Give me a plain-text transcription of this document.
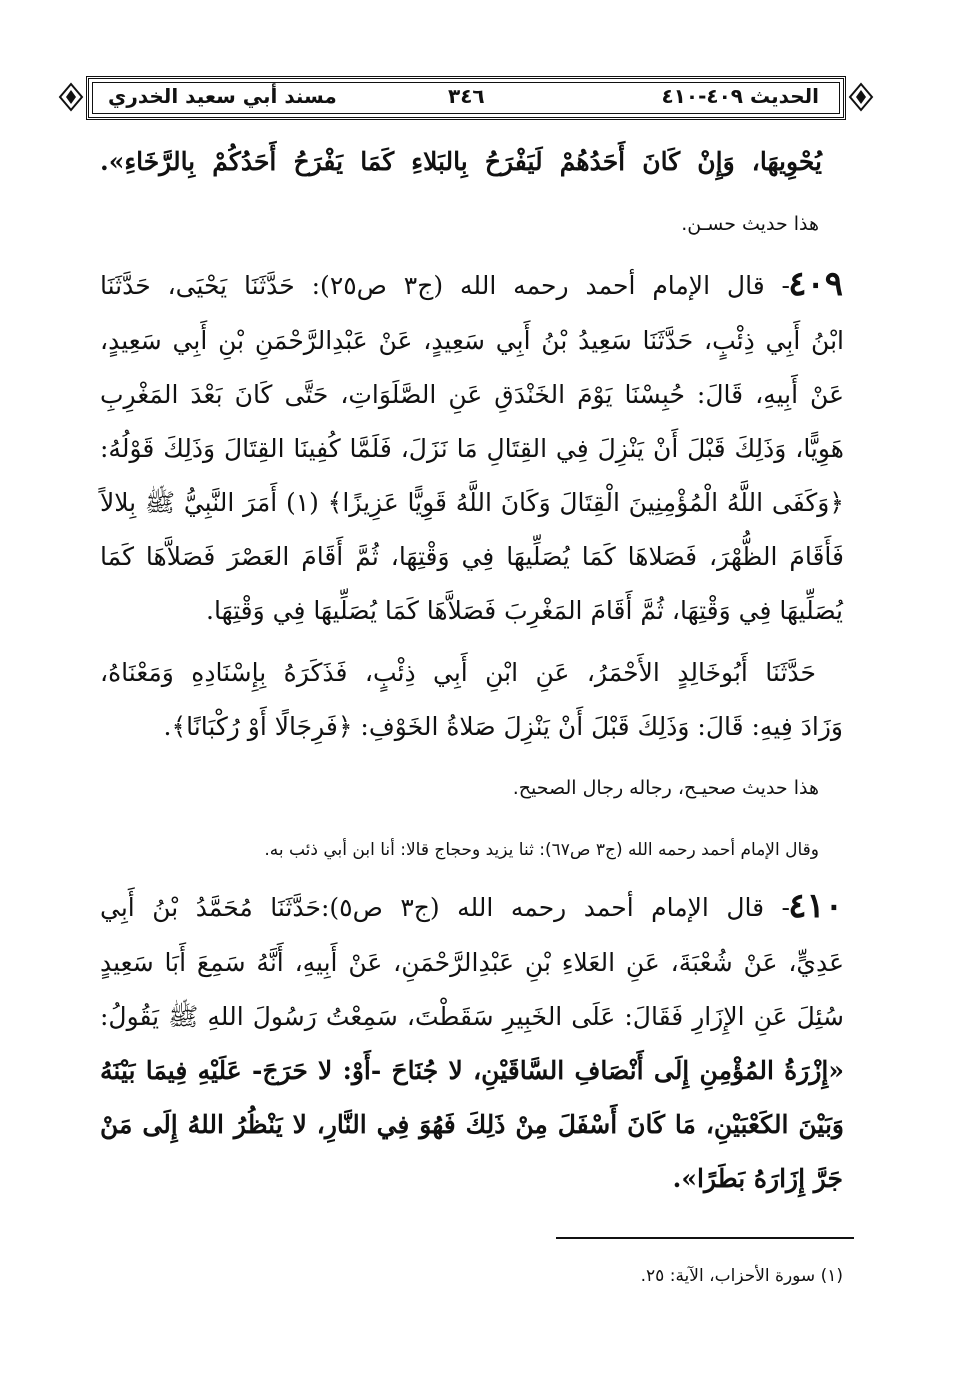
الحديث ٤٠٩-٤١٠
٣٤٦
مسند أبي سعيد الخدري
يُحْوِيهَا، وَإِنْ كَانَ أَحَدُهُمْ لَيَفْرَحُ بِالبَلاءِ كَمَا يَفْرَحُ أَحَدُكُمْ بِالرَّخَاءِ».
هذا حديث حسـن.
٤٠٩
- قال الإمام أحمد رحمه الله (ج٣ ص٢٥): حَدَّثَنَا يَحْيَى، حَدَّثَنَا
ابْنُ أَبِي ذِئْبٍ، حَدَّثَنَا سَعِيدُ بْنُ أَبِي سَعِيدٍ، عَنْ عَبْدِالرَّحْمَنِ بْنِ أَبِي سَعِيدٍ،
عَنْ أَبِيهِ، قَالَ: حُبِسْنَا يَوْمَ الخَنْدَقِ عَنِ الصَّلَوَاتِ، حَتَّى كَانَ بَعْدَ المَغْرِبِ
هَوِيًّا، وَذَلِكَ قَبْلَ أَنْ يَنْزِلَ فِي القِتَالِ مَا نَزَلَ، فَلَمَّا كُفِينَا القِتَالَ وَذَلِكَ قَوْلُهُ:
﴿وَكَفَى اللَّهُ الْمُؤْمِنِينَ الْقِتَالَ وَكَانَ اللَّهُ قَوِيًّا عَزِيزًا﴾ (١) أَمَرَ النَّبِيُّ ﷺ بِلالاً
فَأَقَامَ الظُّهْرَ، فَصَلاهَا كَمَا يُصَلِّيهَا فِي وَقْتِهَا، ثُمَّ أَقَامَ العَصْرَ فَصَلاَّهَا كَمَا
يُصَلِّيهَا فِي وَقْتِهَا، ثُمَّ أَقَامَ المَغْرِبَ فَصَلاَّهَا كَمَا يُصَلِّيهَا فِي وَقْتِهَا.
حَدَّثَنَا أَبُوخَالِدٍ الأَحْمَرُ، عَنِ ابْنِ أَبِي ذِئْبٍ، فَذَكَرَهُ بِإِسْنَادِهِ وَمَعْنَاهُ،
وَزَادَ فِيهِ: قَالَ: وَذَلِكَ قَبْلَ أَنْ يَنْزِلَ صَلاةُ الخَوْفِ: ﴿فَرِجَالًا أَوْ رُكْبَانًا﴾.
هذا حديث صحيـح، رجاله رجال الصحيح.
وقال الإمام أحمد رحمه الله (ج٣ ص٦٧): ثنا يزيد وحجاج قالا: أنا ابن أبي ذئب به.
٤١٠
- قال الإمام أحمد رحمه الله (ج٣ ص٥):حَدَّثَنَا مُحَمَّدُ بْنُ أَبِي
عَدِيٍّ، عَنْ شُعْبَةَ، عَنِ العَلاءِ بْنِ عَبْدِالرَّحْمَنِ، عَنْ أَبِيهِ، أَنَّهُ سَمِعَ أَبَا سَعِيدٍ
سُئِلَ عَنِ الإِزَارِ فَقَالَ: عَلَى الخَبِيرِ سَقَطْتَ، سَمِعْتُ رَسُولَ اللهِ ﷺ يَقُولُ:
«إِزْرَةُ المُؤْمِنِ إِلَى أَنْصَافِ السَّاقَيْنِ، لا جُنَاحَ -أَوْ: لا حَرَجَ- عَلَيْهِ فِيمَا بَيْنَهُ
وَبَيْنَ الكَعْبَيْنِ، مَا كَانَ أَسْفَلَ مِنْ ذَلِكَ فَهُوَ فِي النَّارِ، لا يَنْظُرُ اللهُ إِلَى مَنْ
جَرَّ إِزَارَهُ بَطَرًا».
(١) سورة الأحزاب، الآية: ٢٥.
